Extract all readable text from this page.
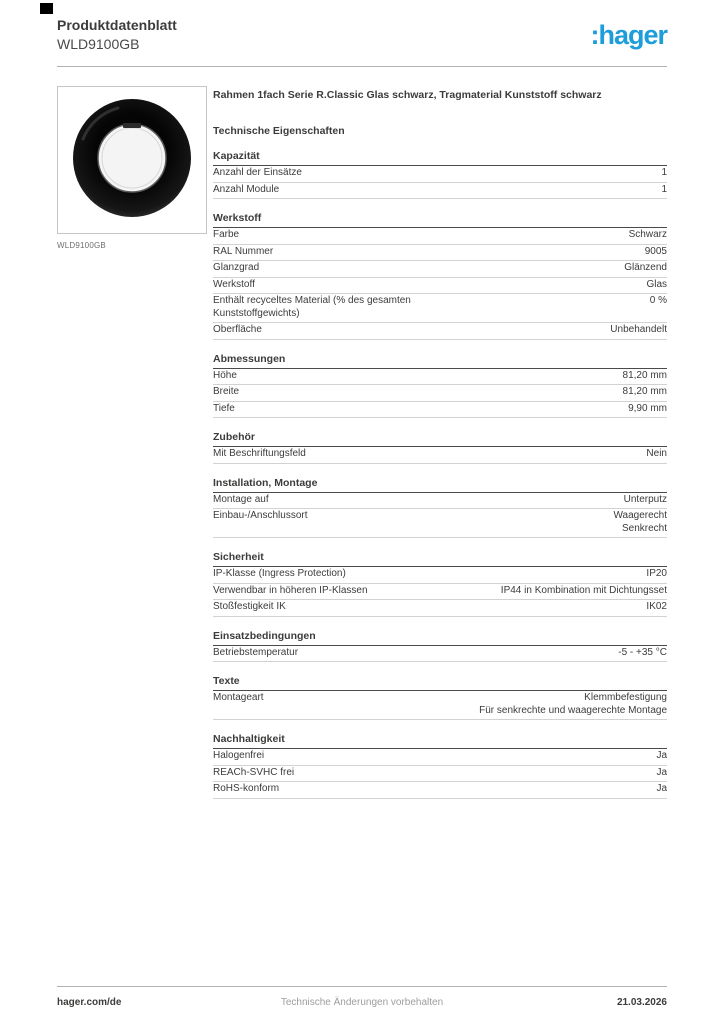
Produktdatenblatt
WLD9100GB	:hager
WLD9100GB
Rahmen 1fach Serie R.Classic Glas schwarz, Tragmaterial Kunststoff schwarz
Technische Eigenschaften
Kapazität
Anzahl der Einsätze	1
Anzahl Module	1
Werkstoff
Farbe	Schwarz
RAL Nummer	9005
Glanzgrad	Glänzend
Werkstoff	Glas
Enthält recyceltes Material (% des gesamten Kunststoffgewichts)
0 %
Oberfläche	Unbehandelt
Abmessungen
Höhe	81,20 mm
Breite	81,20 mm
Tiefe	9,90 mm
Zubehör
Mit Beschriftungsfeld	Nein
Installation, Montage
Montage auf	Unterputz
Einbau-/Anschlussort	Waagerecht
Senkrecht
Sicherheit
IP-Klasse (Ingress Protection)	IP20
Verwendbar in höheren IP-Klassen	IP44 in Kombination mit Dichtungsset
Stoßfestigkeit IK	IK02
Einsatzbedingungen
Betriebstemperatur	-5 - +35 °C
Texte
Montageart	Klemmbefestigung
Für senkrechte und waagerechte Montage
Nachhaltigkeit
Halogenfrei	Ja
REACh-SVHC frei	Ja
RoHS-konform	Ja
Technische Änderungen vorbehalten
hager.com/de	21.03.2026
